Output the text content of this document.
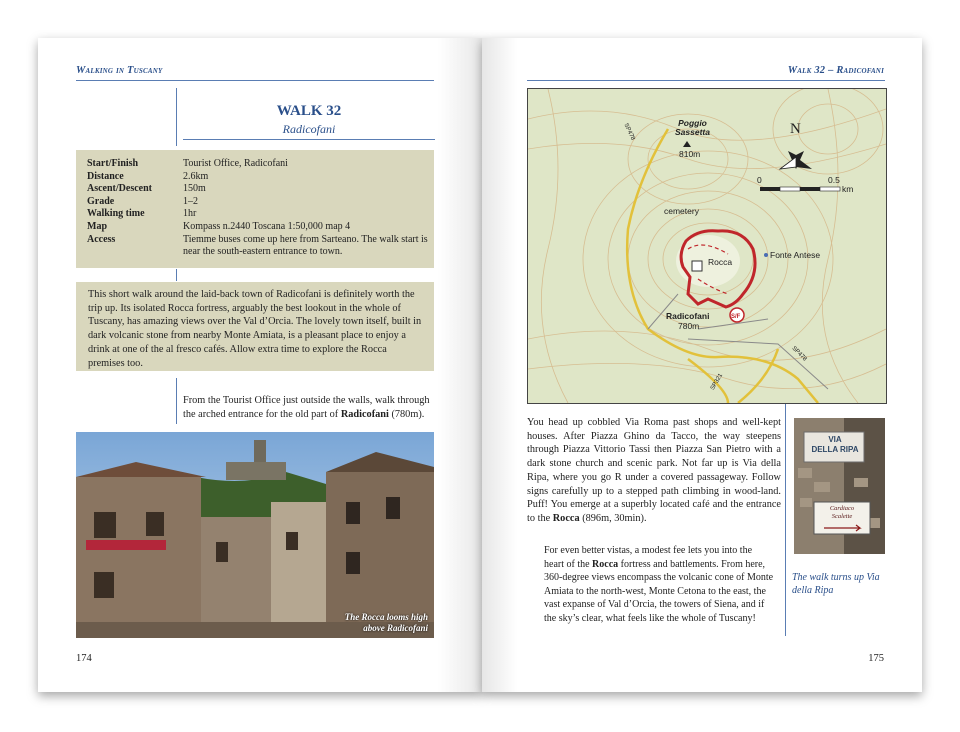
Walking in Tuscany
WALK 32
Radicofani
Start/Finish	Tourist Office, Radicofani
Distance	2.6km
Ascent/Descent	150m
Grade	1–2
Walking time	1hr
Map	Kompass n.2440 Toscana 1:50,000 map 4
Access	Tiemme buses come up here from Sarteano. The walk start is near the south-eastern entrance to town.
This short walk around the laid-back town of Radicofani is definitely worth the trip up. Its isolated Rocca fortress, arguably the best lookout in the whole of Tuscany, has amazing views over the Val d’Orcia. The lovely town itself, built in dark volcanic stone from nearby Monte Amiata, is a pleasant place to enjoy a drink at one of the al fresco cafés. Allow extra time to explore the Rocca premises too.
From the Tourist Office just outside the walls, walk through the arched entrance for the old part of Radicofani (780m).
The Rocca looms high
above Radicofani
174
Walk 32 – Radicofani
S/F
Poggio
Sassetta
810m
N
0	0.5
km
cemetery
Rocca
Fonte Antese
Radicofani
780m
SP478
SP478
SP321
You head up cobbled Via Roma past shops and well-kept houses. After Piazza Ghino da Tacco, the way steepens through Piazza Vittorio Tassi then Piazza San Pietro with a dark stone church and scenic park. Not far up is Via della Ripa, where you go R under a covered passageway. Follow signs carefully up to a stepped path climbing in wood-land. Puff! You emerge at a superbly located café and the entrance to the Rocca (896m, 30min).
For even better vistas, a modest fee lets you into the heart of the Rocca fortress and battlements. From here, 360-degree views encompass the volcanic cone of Monte Amiata to the north-west, Monte Cetona to the east, the vast expanse of Val d’Orcia, the towers of Siena, and if the sky’s clear, what feels like the whole of Tuscany!
VIA
DELLA RIPA
Cardiaco
Scalette
The walk turns up Via della Ripa
175
